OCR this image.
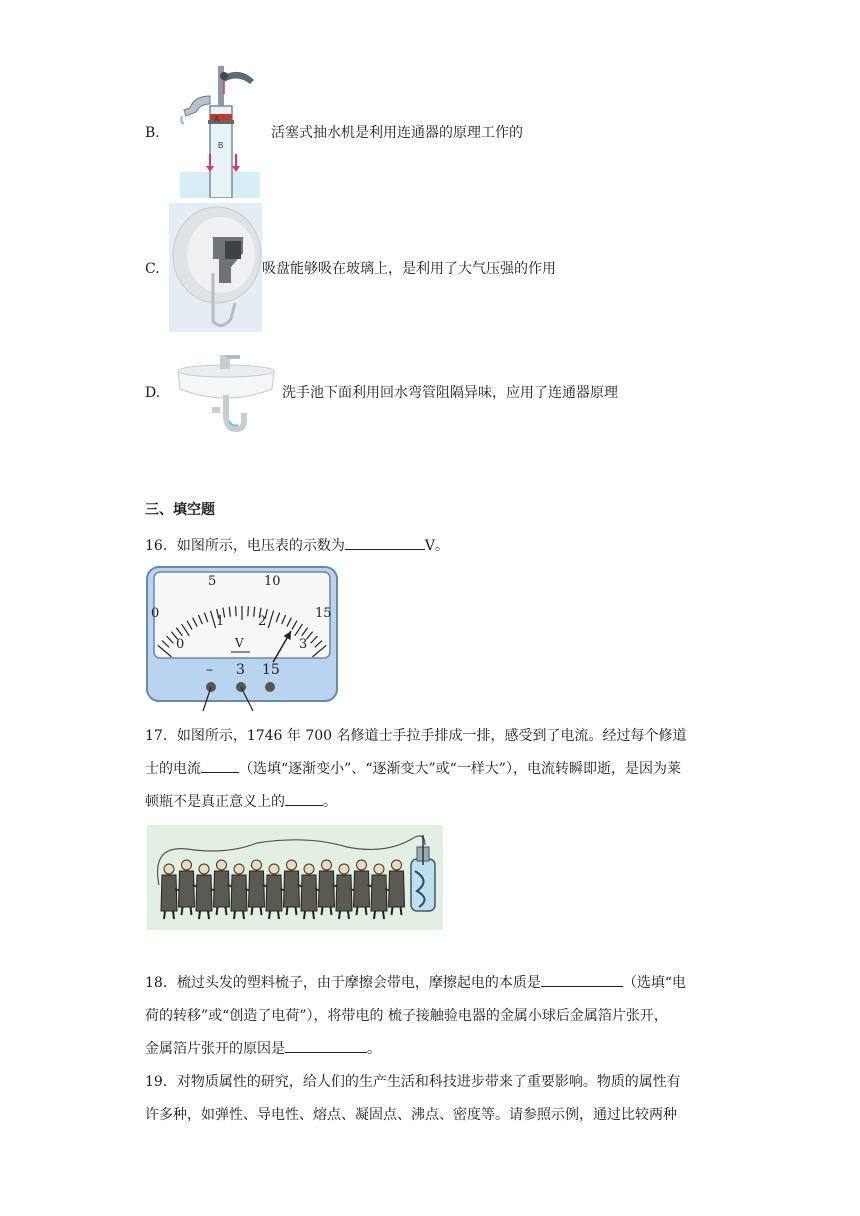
B.
A
B
活塞式抽水机是利用连通器的原理工作的
C.	吸盘能够吸在玻璃上，是利用了大气压强的作用
D.	洗手池下面利用回水弯管阻隔异味，应用了连通器原理
三、填空题
16．如图所示，电压表的示数为	V。
0
5	10
15
0
1	2
3
V
– 3 15
17．如图所示，1746 年 700 名修道士手拉手排成一排，感受到了电流。经过每个修道
士的电流	（选填“逐渐变小”、“逐渐变大”或“一样大”），电流转瞬即逝，是因为莱
顿瓶不是真正意义上的	。
18．梳过头发的塑料梳子，由于摩擦会带电，摩擦起电的本质是	（选填“电
荷的转移”或“创造了电荷”），将带电的 梳子接触验电器的金属小球后金属箔片张开，
金属箔片张开的原因是	。
19．对物质属性的研究，给人们的生产生活和科技进步带来了重要影响。物质的属性有
许多种，如弹性、导电性、熔点、凝固点、沸点、密度等。请参照示例，通过比较两种
